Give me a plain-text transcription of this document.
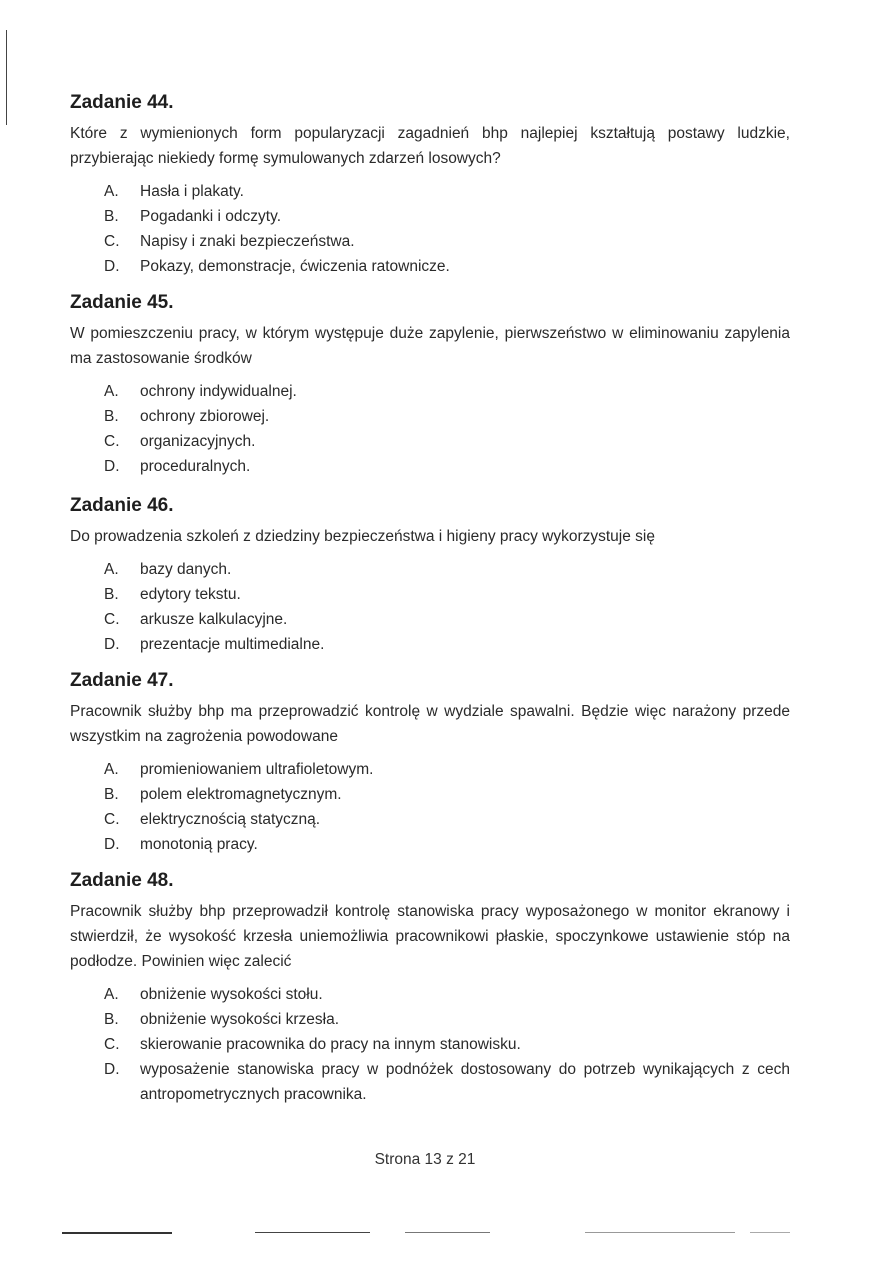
Zadanie 44.

Które z wymienionych form popularyzacji zagadnień bhp najlepiej kształtują postawy ludzkie, przybierając niekiedy formę symulowanych zdarzeń losowych?

A.	Hasła i plakaty.
B.	Pogadanki i odczyty.
C.	Napisy i znaki bezpieczeństwa.
D.	Pokazy, demonstracje, ćwiczenia ratownicze.
Zadanie 45.

W pomieszczeniu pracy, w którym występuje duże zapylenie, pierwszeństwo w eliminowaniu zapylenia ma zastosowanie środków

A.	ochrony indywidualnej.
B.	ochrony zbiorowej.
C.	organizacyjnych.
D.	proceduralnych.
Zadanie 46.

Do prowadzenia szkoleń z dziedziny bezpieczeństwa i higieny pracy wykorzystuje się

A.	bazy danych.
B.	edytory tekstu.
C.	arkusze kalkulacyjne.
D.	prezentacje multimedialne.
Zadanie 47.

Pracownik służby bhp ma przeprowadzić kontrolę w wydziale spawalni. Będzie więc narażony przede wszystkim na zagrożenia powodowane

A.	promieniowaniem ultrafioletowym.
B.	polem elektromagnetycznym.
C.	elektrycznością statyczną.
D.	monotonią pracy.
Zadanie 48.

Pracownik służby bhp przeprowadził kontrolę stanowiska pracy wyposażonego w monitor ekranowy i stwierdził, że wysokość krzesła uniemożliwia pracownikowi płaskie, spoczynkowe ustawienie stóp na podłodze. Powinien więc zalecić

A.	obniżenie wysokości stołu.
B.	obniżenie wysokości krzesła.
C.	skierowanie pracownika do pracy na innym stanowisku.
D.	wyposażenie stanowiska pracy w podnóżek dostosowany do potrzeb wynikających z cech antropometrycznych pracownika.
Strona 13 z 21
